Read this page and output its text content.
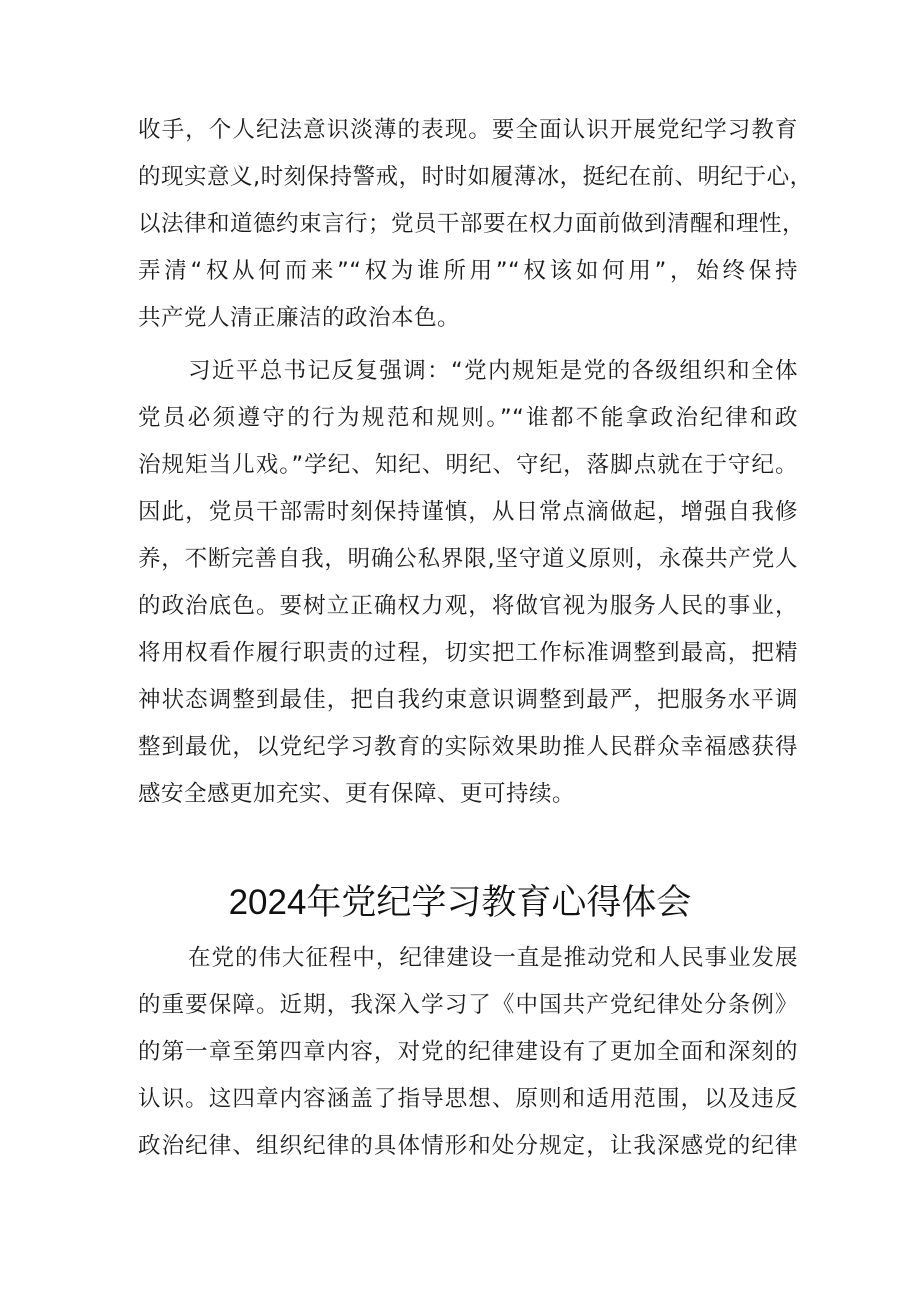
收手，个人纪法意识淡薄的表现。要全面认识开展党纪学习教育
的现实意义,时刻保持警戒，时时如履薄冰，挺纪在前、明纪于心，
以法律和道德约束言行；党员干部要在权力面前做到清醒和理性，
弄清“权从何而来”“权为谁所用”“权该如何用”，始终保持
共产党人清正廉洁的政治本色。
习近平总书记反复强调：“党内规矩是党的各级组织和全体
党员必须遵守的行为规范和规则。”“谁都不能拿政治纪律和政
治规矩当儿戏。”学纪、知纪、明纪、守纪，落脚点就在于守纪。
因此，党员干部需时刻保持谨慎，从日常点滴做起，增强自我修
养，不断完善自我，明确公私界限,坚守道义原则，永葆共产党人
的政治底色。要树立正确权力观，将做官视为服务人民的事业，
将用权看作履行职责的过程，切实把工作标准调整到最高，把精
神状态调整到最佳，把自我约束意识调整到最严，把服务水平调
整到最优，以党纪学习教育的实际效果助推人民群众幸福感获得
感安全感更加充实、更有保障、更可持续。
2024年党纪学习教育心得体会
在党的伟大征程中，纪律建设一直是推动党和人民事业发展
的重要保障。近期，我深入学习了《中国共产党纪律处分条例》
的第一章至第四章内容，对党的纪律建设有了更加全面和深刻的
认识。这四章内容涵盖了指导思想、原则和适用范围，以及违反
政治纪律、组织纪律的具体情形和处分规定，让我深感党的纪律
